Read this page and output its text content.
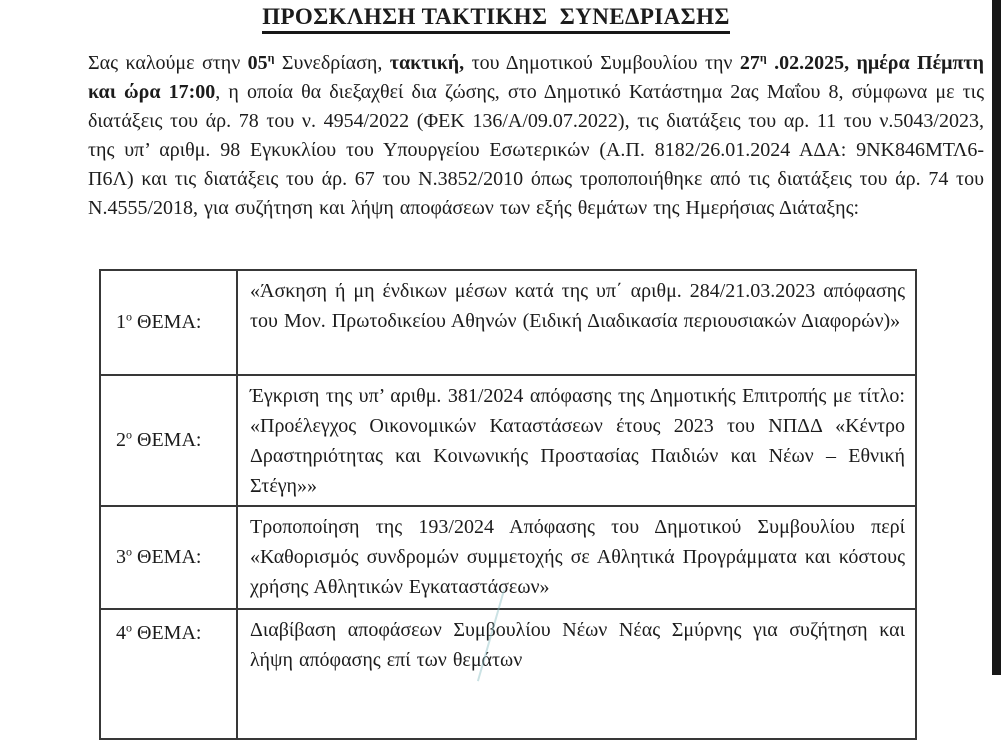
ΠΡΟΣΚΛΗΣΗ ΤΑΚΤΙΚΗΣ  ΣΥΝΕΔΡΙΑΣΗΣ

Σας καλούμε στην $05^\eta$ Συνεδρίαση, τακτική, του Δημοτικού Συμβουλίου την $27^\eta$ .02.2025, ημέρα Πέμπτη και ώρα 17:00, η οποία θα διεξαχθεί δια ζώσης, στο Δημοτικό Κατάστημα 2ας Μαΐου 8, σύμφωνα με τις διατάξεις του άρ. 78 του ν. 4954/2022 (ΦΕΚ 136/Α/09.07.2022), τις διατάξεις του αρ. 11 του ν.5043/2023, της υπ’ αριθμ. 98 Εγκυκλίου του Υπουργείου Εσωτερικών (Α.Π. 8182/26.01.2024 ΑΔΑ: 9ΝΚ846ΜΤΛ6-Π6Λ) και τις διατάξεις του άρ. 67 του Ν.3852/2010 όπως τροποποιήθηκε από τις διατάξεις του άρ. 74 του Ν.4555/2018, για συζήτηση και λήψη αποφάσεων των εξής θεμάτων της Ημερήσιας Διάταξης:

$1^o$ ΘΕΜΑ:	«Άσκηση ή μη ένδικων μέσων κατά της υπ΄ αριθμ. 284/21.03.2023 απόφασης του Μον. Πρωτοδικείου Αθηνών (Ειδική Διαδικασία περιουσιακών Διαφορών)»
$2^o$ ΘΕΜΑ:	Έγκριση της υπ’ αριθμ. 381/2024 απόφασης της Δημοτικής Επιτροπής με τίτλο: «Προέλεγχος Οικονομικών Καταστάσεων έτους 2023 του ΝΠΔΔ «Κέντρο Δραστηριότητας και Κοινωνικής Προστασίας Παιδιών και Νέων – Εθνική Στέγη»»
$3^o$ ΘΕΜΑ:	Τροποποίηση της 193/2024 Απόφασης του Δημοτικού Συμβουλίου περί «Καθορισμός συνδρομών συμμετοχής σε Αθλητικά Προγράμματα και κόστους χρήσης Αθλητικών Εγκαταστάσεων»
$4^o$ ΘΕΜΑ:	Διαβίβαση αποφάσεων Συμβουλίου Νέων Νέας Σμύρνης για συζήτηση και λήψη απόφασης επί των θεμάτων
